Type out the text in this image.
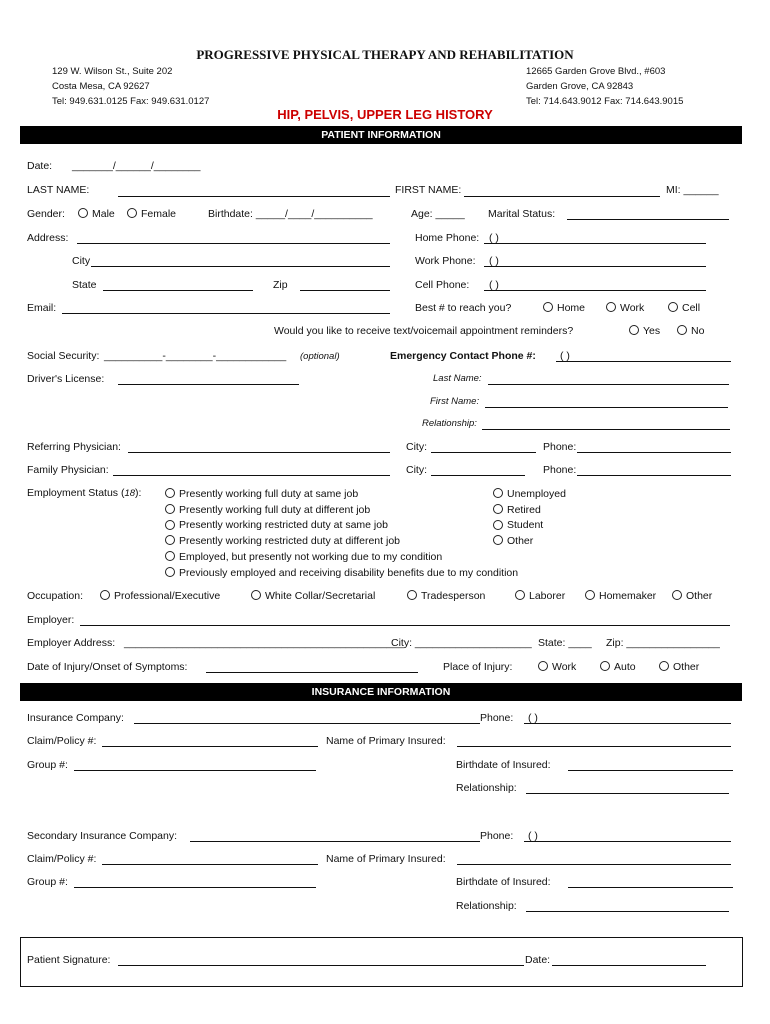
PROGRESSIVE PHYSICAL THERAPY AND REHABILITATION
129 W. Wilson St., Suite 202
Costa Mesa, CA 92627
Tel: 949.631.0125 Fax: 949.631.0127
12665 Garden Grove Blvd., #603
Garden Grove, CA 92843
Tel: 714.643.9012 Fax: 714.643.9015
HIP, PELVIS, UPPER LEG HISTORY
PATIENT INFORMATION
Date: _______/______/________
LAST NAME:	FIRST NAME:	MI: ______
Gender:	Male	Female	Birthdate: _____/____/__________	Age: _____ Marital Status:
Address:	Home Phone: ( )
City	Work Phone: ( )
State	Zip	Cell Phone: ( )
Email:	Best # to reach you?	Home	Work	Cell
Would you like to receive text/voicemail appointment reminders?	Yes	No
Social Security: __________-________-____________ (optional)	Emergency Contact Phone #: ( )
Driver's License:	Last Name:
First Name:
Relationship:
Referring Physician:	City:	Phone:
Family Physician:	City:	Phone:
Employment Status (18):	Presently working full duty at same job
Presently working full duty at different job
Presently working restricted duty at same job
Presently working restricted duty at different job
Employed, but presently not working due to my condition
Previously employed and receiving disability benefits due to my condition
Unemployed
Retired
Student
Other
Occupation:	Professional/Executive	White Collar/Secretarial	Tradesperson	Laborer	Homemaker	Other
Employer:
Employer Address: ________________________________________________
City: ____________________ State: ____ Zip: ________________
Date of Injury/Onset of Symptoms:	Place of Injury:	Work	Auto	Other
INSURANCE INFORMATION
Insurance Company:	Phone: ( )
Claim/Policy #:	Name of Primary Insured:
Group #:	Birthdate of Insured:
Relationship:
Secondary Insurance Company:	Phone: ( )
Claim/Policy #:	Name of Primary Insured:
Group #:	Birthdate of Insured:
Relationship:
Patient Signature:	Date:
